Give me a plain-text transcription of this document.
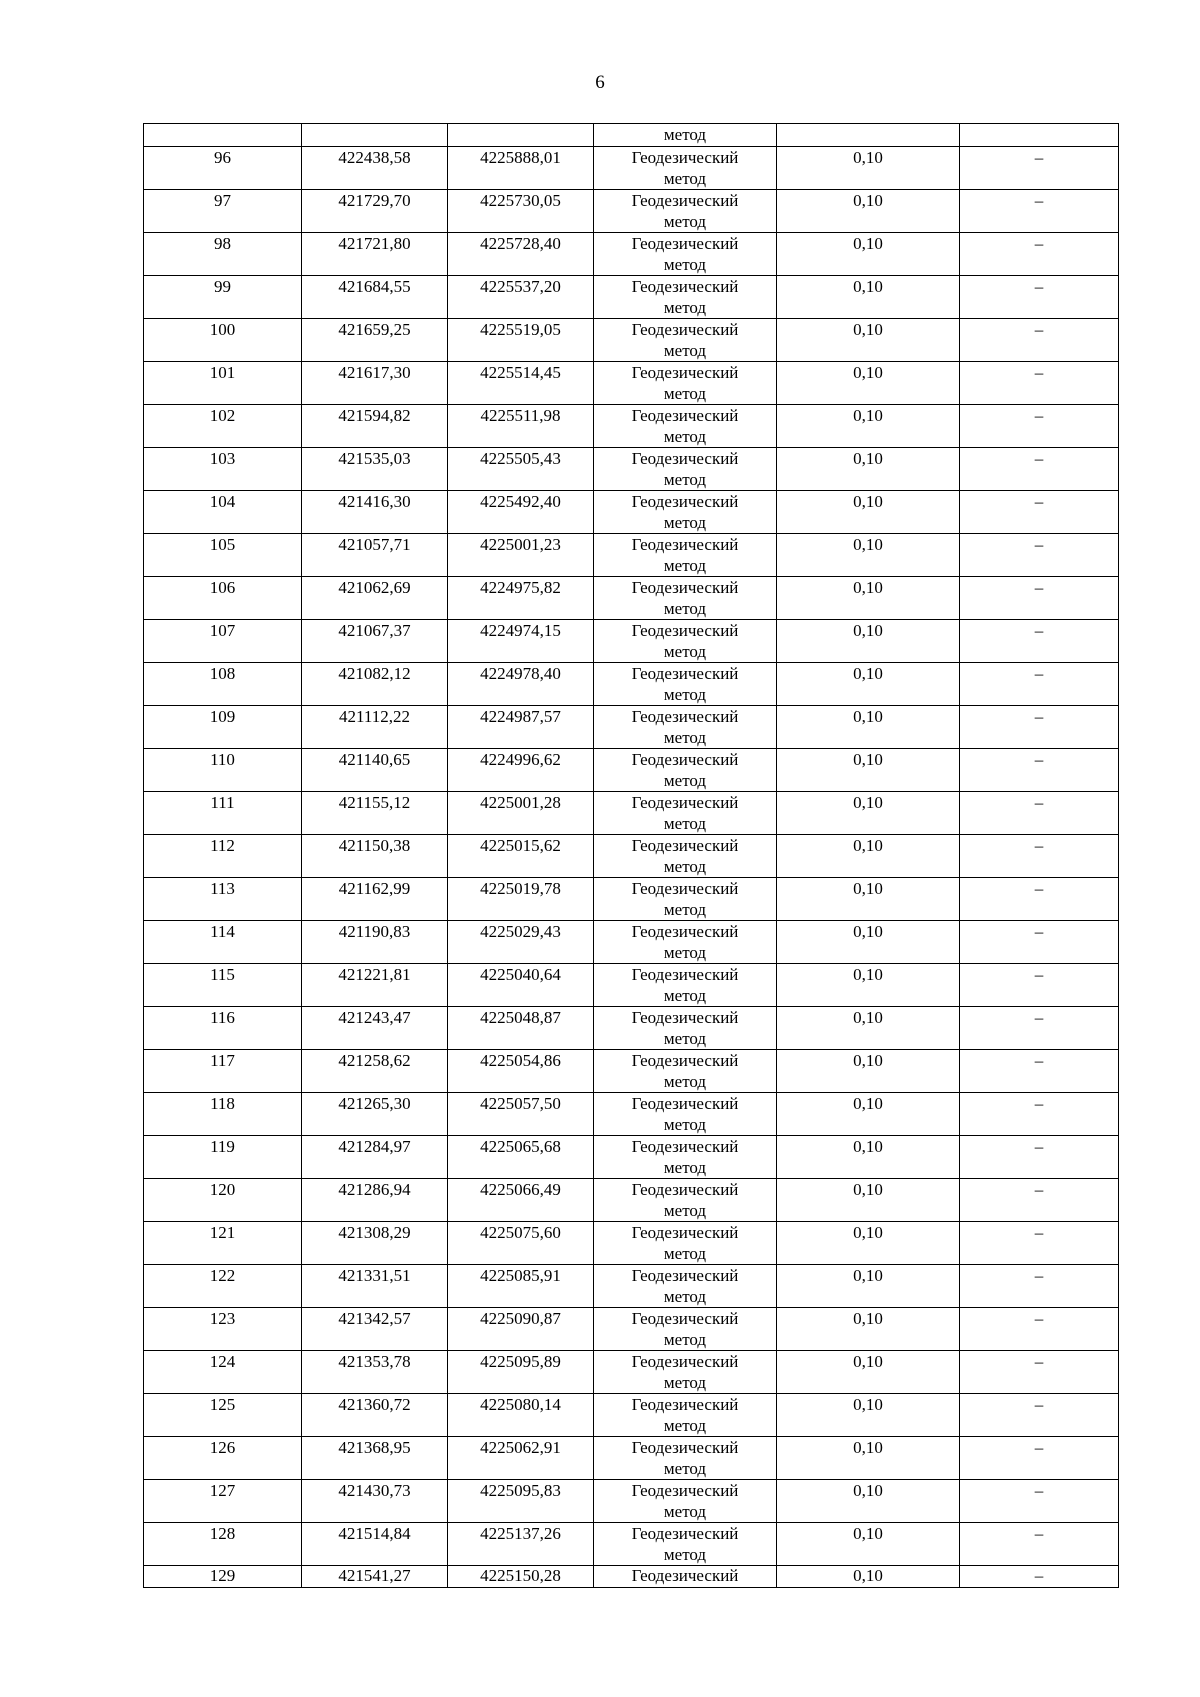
6

			метод		

96	422438,58	4225888,01	Геодезический
метод	0,10	–
97	421729,70	4225730,05	Геодезический
метод	0,10	–
98	421721,80	4225728,40	Геодезический
метод	0,10	–
99	421684,55	4225537,20	Геодезический
метод	0,10	–
100	421659,25	4225519,05	Геодезический
метод	0,10	–
101	421617,30	4225514,45	Геодезический
метод	0,10	–
102	421594,82	4225511,98	Геодезический
метод	0,10	–
103	421535,03	4225505,43	Геодезический
метод	0,10	–
104	421416,30	4225492,40	Геодезический
метод	0,10	–
105	421057,71	4225001,23	Геодезический
метод	0,10	–
106	421062,69	4224975,82	Геодезический
метод	0,10	–
107	421067,37	4224974,15	Геодезический
метод	0,10	–
108	421082,12	4224978,40	Геодезический
метод	0,10	–
109	421112,22	4224987,57	Геодезический
метод	0,10	–
110	421140,65	4224996,62	Геодезический
метод	0,10	–
111	421155,12	4225001,28	Геодезический
метод	0,10	–
112	421150,38	4225015,62	Геодезический
метод	0,10	–
113	421162,99	4225019,78	Геодезический
метод	0,10	–
114	421190,83	4225029,43	Геодезический
метод	0,10	–
115	421221,81	4225040,64	Геодезический
метод	0,10	–
116	421243,47	4225048,87	Геодезический
метод	0,10	–
117	421258,62	4225054,86	Геодезический
метод	0,10	–
118	421265,30	4225057,50	Геодезический
метод	0,10	–
119	421284,97	4225065,68	Геодезический
метод	0,10	–
120	421286,94	4225066,49	Геодезический
метод	0,10	–
121	421308,29	4225075,60	Геодезический
метод	0,10	–
122	421331,51	4225085,91	Геодезический
метод	0,10	–
123	421342,57	4225090,87	Геодезический
метод	0,10	–
124	421353,78	4225095,89	Геодезический
метод	0,10	–
125	421360,72	4225080,14	Геодезический
метод	0,10	–
126	421368,95	4225062,91	Геодезический
метод	0,10	–
127	421430,73	4225095,83	Геодезический
метод	0,10	–
128	421514,84	4225137,26	Геодезический
метод	0,10	–
129	421541,27	4225150,28	Геодезический	0,10	–
